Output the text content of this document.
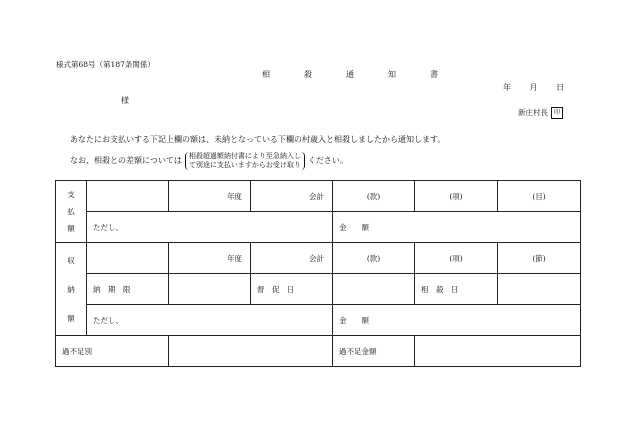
様式第68号（第187条関係）
相　殺　通　知　書
年 月 日
様
新庄村長 印
あなたにお支払いする下記上欄の額は、未納となっている下欄の村歳入と相殺しましたから通知します。
なお、相殺との差額については 相殺超過額納付書により至急納入し
て別途に支払いますからお受け取り ください。
支
払
額		年度	会計	(款)	(項)	(目)
	ただし、			金　　額		

収
納
額		年度	会計	(款)	(項)	(節)
	納　期　限		督　促　日		相　殺　日	
	ただし、			金　　額		
過不足別				過不足金額		
